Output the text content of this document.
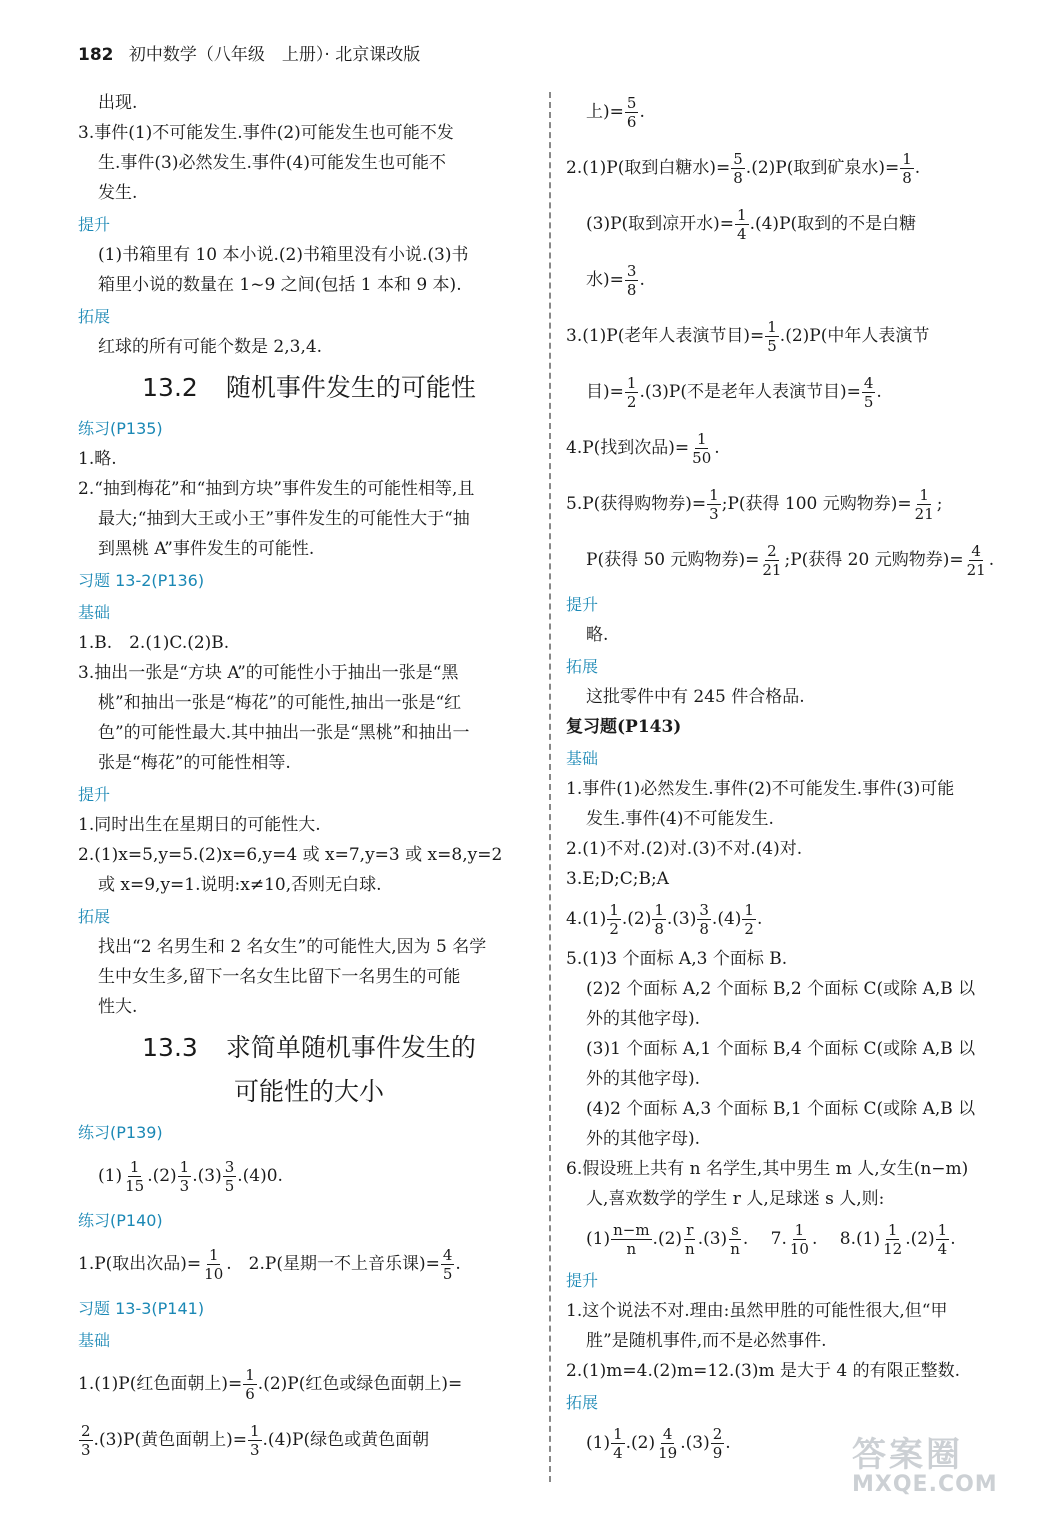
182 初中数学（八年级　上册）· 北京课改版
出现.
3.事件(1)不可能发生.事件(2)可能发生也可能不发
生.事件(3)必然发生.事件(4)可能发生也可能不
发生.
提升
(1)书箱里有 10 本小说.(2)书箱里没有小说.(3)书
箱里小说的数量在 1~9 之间(包括 1 本和 9 本).
拓展
红球的所有可能个数是 2,3,4.
13.2 随机事件发生的可能性
练习(P135)
1.略.
2.“抽到梅花”和“抽到方块”事件发生的可能性相等,且
最大;“抽到大王或小王”事件发生的可能性大于“抽
到黑桃 A”事件发生的可能性.
习题 13-2(P136)
基础
1.B.　2.(1)C.(2)B.
3.抽出一张是“方块 A”的可能性小于抽出一张是“黑
桃”和抽出一张是“梅花”的可能性,抽出一张是“红
色”的可能性最大.其中抽出一张是“黑桃”和抽出一
张是“梅花”的可能性相等.
提升
1.同时出生在星期日的可能性大.
2.(1)x=5,y=5.(2)x=6,y=4 或 x=7,y=3 或 x=8,y=2
或 x=9,y=1.说明:x≠10,否则无白球.
拓展
找出“2 名男生和 2 名女生”的可能性大,因为 5 名学
生中女生多,留下一名女生比留下一名男生的可能
性大.
13.3 求简单随机事件发生的
可能性的大小
练习(P139)
$(1) \frac{1}{15} .(2) \frac{1}{3} .(3) \frac{3}{5} .(4)0$.
练习(P140)
1.P(取出次品)= $\frac{1}{10}$ .　2.P(星期一不上音乐课)= $\frac{4}{5}$ .
习题 13-3(P141)
基础
1.(1)P(红色面朝上)= $\frac{1}{6} .(2)P$(红色或绿色面朝上)=
$\frac{2}{3} .(3)P$(黄色面朝上)= $\frac{1}{3} .(4)P$(绿色或黄色面朝
上)= $\frac{5}{6}$ .
2.(1)P(取到白糖水)= $\frac{5}{8} .(2)P$(取到矿泉水)= $\frac{1}{8}$ .
(3)P(取到凉开水)= $\frac{1}{4} .(4)P$(取到的不是白糖
水)= $\frac{3}{8}$ .
3.(1)P(老年人表演节目)= $\frac{1}{5} .(2)P$(中年人表演节
目)= $\frac{1}{2} .(3)P$(不是老年人表演节目)= $\frac{4}{5}$ .
4.P(找到次品)= $\frac{1}{50}$ .
5.P(获得购物券)= $\frac{1}{3}$ ;P(获得 100 元购物券)= $\frac{1}{21}$ ;
P(获得 50 元购物券)= $\frac{2}{21}$ ;P(获得 20 元购物券)= $\frac{4}{21}$ .
提升
略.
拓展
这批零件中有 245 件合格品.
复习题(P143)
基础
1.事件(1)必然发生.事件(2)不可能发生.事件(3)可能
发生.事件(4)不可能发生.
2.(1)不对.(2)对.(3)不对.(4)对.
3.E;D;C;B;A
$4.(1) \frac{1}{2} .(2) \frac{1}{8} .(3) \frac{3}{8} .(4) \frac{1}{2}$ .
5.(1)3 个面标 A,3 个面标 B.
(2)2 个面标 A,2 个面标 B,2 个面标 C(或除 A,B 以
外的其他字母).
(3)1 个面标 A,1 个面标 B,4 个面标 C(或除 A,B 以
外的其他字母).
(4)2 个面标 A,3 个面标 B,1 个面标 C(或除 A,B 以
外的其他字母).
6.假设班上共有 n 名学生,其中男生 m 人,女生(n−m)
人,喜欢数学的学生 r 人,足球迷 s 人,则:
$(1) \frac{n-m}{n} .(2) \frac{r}{n} .(3) \frac{s}{n}$ .　 7. $\frac{1}{10}$ .　 $8.(1) \frac{1}{12} .(2) \frac{1}{4}$ .
提升
1.这个说法不对.理由:虽然甲胜的可能性很大,但“甲
胜”是随机事件,而不是必然事件.
2.(1)m=4.(2)m=12.(3)m 是大于 4 的有限正整数.
拓展
$(1) \frac{1}{4} .(2) \frac{4}{19} .(3) \frac{2}{9}$ .	答案圈
MXQE.COM
